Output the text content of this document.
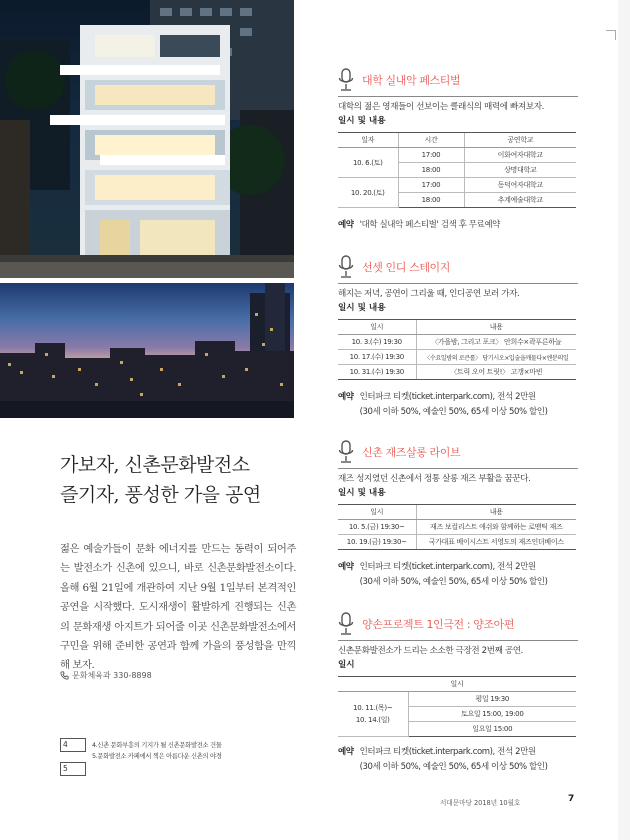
가보자, 신촌문화발전소
즐기자, 풍성한 가을 공연
젊은 예술가들이 문화 에너지를 만드는 동력이 되어주는 발전소가 신촌에 있으니, 바로 신촌문화발전소이다. 올해 6월 21일에 개관하여 지난 9월 1일부터 본격적인 공연을 시작했다. 도시재생이 활발하게 진행되는 신촌의 문화재생 아지트가 되어줄 이곳 신촌문화발전소에서 구민을 위해 준비한 공연과 함께 가을의 풍성함을 만끽해 보자.
문화체육과 330-8898
4
5
4.신촌 문화부흥의 기지가 될 신촌문화발전소 건물
5.문화발전소 카페에서 찍은 아름다운 신촌의 야경
대학 실내악 페스티벌
대학의 젊은 영재들이 선보이는 클래식의 매력에 빠져보자.
일시 및 내용
일자	시간	공연학교
10. 6.(토)	17:00	이화여자대학교
	18:00	상명대학교
10. 20.(토)	17:00	동덕여자대학교
	18:00	추계예술대학교
예약 '대학 실내악 페스티벌' 검색 후 무료예약
선셋 인디 스테이지
해지는 저녁, 공연이 그리울 때, 인디공연 보러 가자.
일시 및 내용
일시	내용
10. 3.(수) 19:30	〈가을밤, 그리고 포크〉 안희수×곽푸른하늘
10. 17.(수) 19:30	〈수요일밤의 로큰롤〉 당기시오×입술을깨물다×엔분의일
10. 31.(수) 19:30	〈트릭 오어 트릿!〉 고갱×마빈
예약 인터파크 티켓(ticket.interpark.com), 전석 2만원
(30세 이하 50%, 예술인 50%, 65세 이상 50% 할인)
신촌 재즈살롱 라이브
재즈 성지였던 신촌에서 정통 살롱 재즈 부활을 꿈꾼다.
일시 및 내용
일시	내용
10. 5.(금) 19:30~	재즈 보컬리스트 애쉬와 함께하는 로맨틱 재즈
10. 19.(금) 19:30~	국가대표 베이시스트 서영도의 재즈인더베이스
예약 인터파크 티켓(ticket.interpark.com), 전석 2만원
(30세 이하 50%, 예술인 50%, 65세 이상 50% 할인)
양손프로젝트 1인극전 : 양조아편
신촌문화발전소가 드리는 소소한 극장전 2번째 공연.
일시
일시

10. 11.(목)~
10. 14.(일)
	평일 19:30
토요일 15:00, 19:00
일요일 15:00
예약 인터파크 티켓(ticket.interpark.com), 전석 2만원
(30세 이하 50%, 예술인 50%, 65세 이상 50% 할인)
서대문마당 2018년 10월호	7
